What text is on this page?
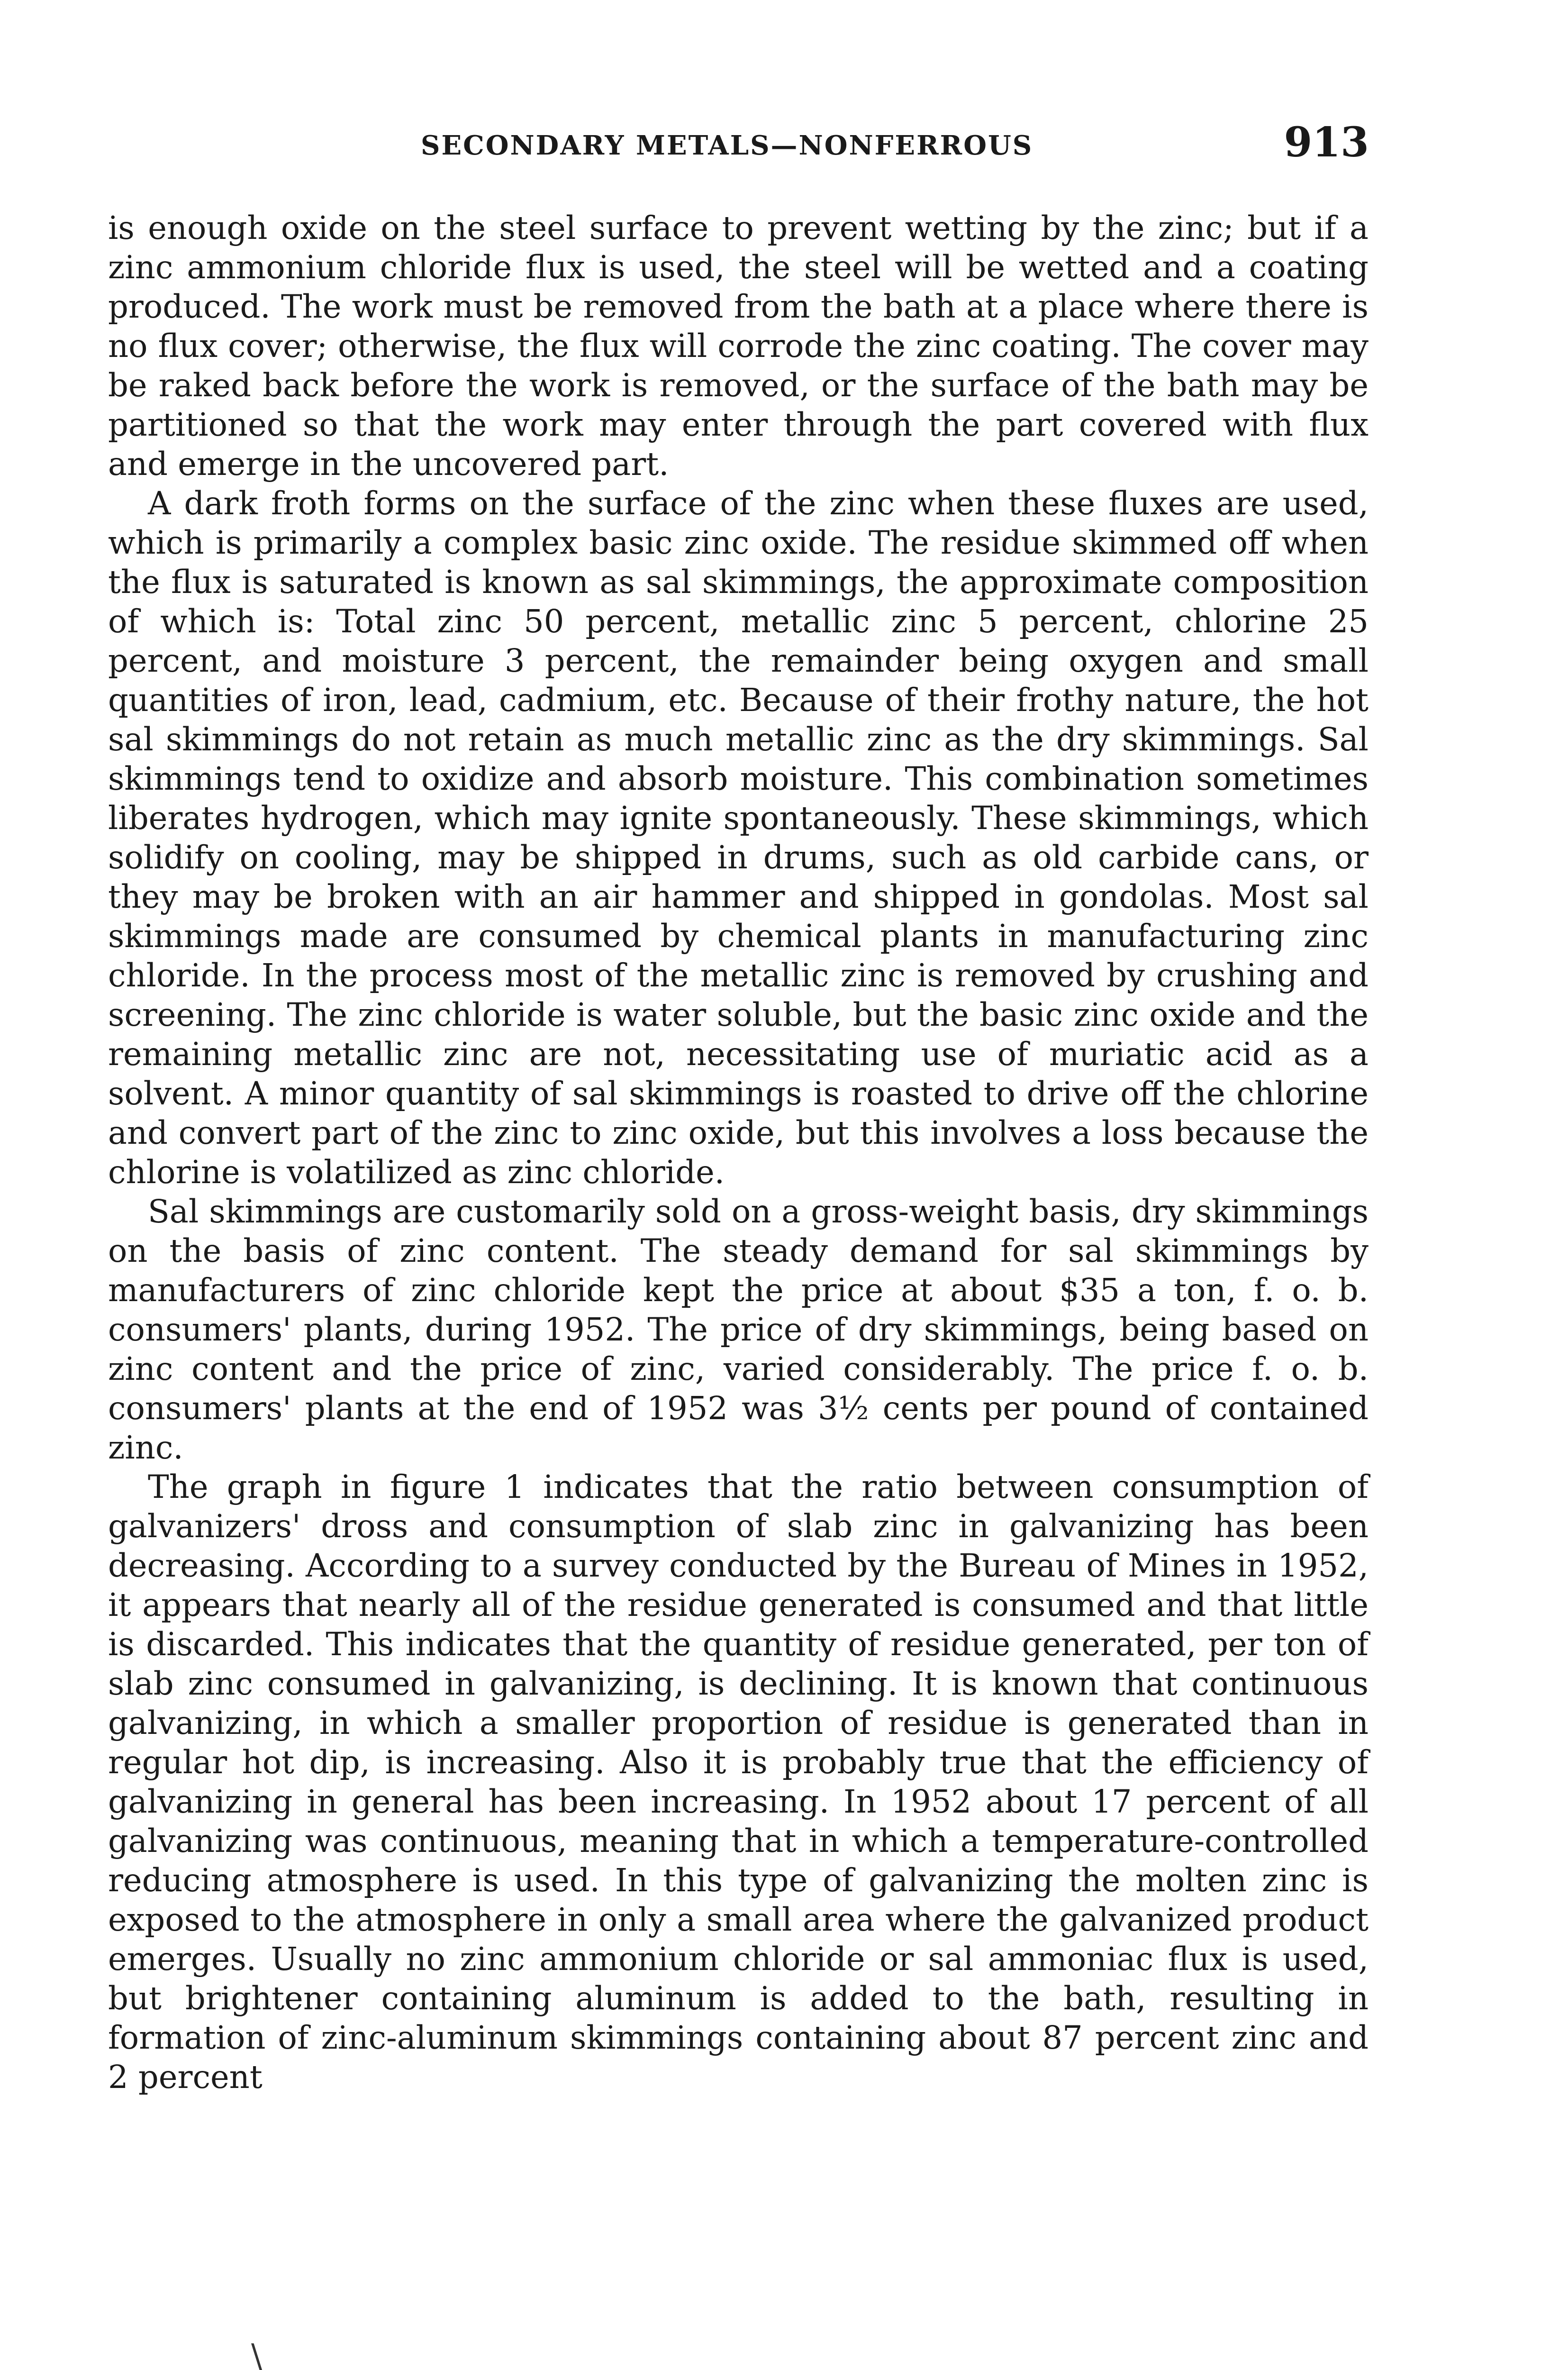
SECONDARY METALS—NONFERROUS	913

is enough oxide on the steel surface to prevent wetting by the zinc; but if a zinc ammonium chloride flux is used, the steel will be wetted and a coating produced. The work must be removed from the bath at a place where there is no flux cover; otherwise, the flux will corrode the zinc coating. The cover may be raked back before the work is removed, or the surface of the bath may be partitioned so that the work may enter through the part covered with flux and emerge in the uncovered part.

A dark froth forms on the surface of the zinc when these fluxes are used, which is primarily a complex basic zinc oxide. The residue skimmed off when the flux is saturated is known as sal skimmings, the approximate composition of which is: Total zinc 50 percent, metallic zinc 5 percent, chlorine 25 percent, and moisture 3 percent, the remainder being oxygen and small quantities of iron, lead, cadmium, etc. Because of their frothy nature, the hot sal skimmings do not retain as much metallic zinc as the dry skimmings. Sal skimmings tend to oxidize and absorb moisture. This combination sometimes liberates hydrogen, which may ignite spontaneously. These skimmings, which solidify on cooling, may be shipped in drums, such as old carbide cans, or they may be broken with an air hammer and shipped in gondolas. Most sal skimmings made are consumed by chemical plants in manufacturing zinc chloride. In the process most of the metallic zinc is removed by crushing and screening. The zinc chloride is water soluble, but the basic zinc oxide and the remaining metallic zinc are not, necessitating use of muriatic acid as a solvent. A minor quantity of sal skimmings is roasted to drive off the chlorine and convert part of the zinc to zinc oxide, but this involves a loss because the chlorine is volatilized as zinc chloride.

Sal skimmings are customarily sold on a gross-weight basis, dry skimmings on the basis of zinc content. The steady demand for sal skimmings by manufacturers of zinc chloride kept the price at about $35 a ton, f. o. b. consumers' plants, during 1952. The price of dry skimmings, being based on zinc content and the price of zinc, varied considerably. The price f. o. b. consumers' plants at the end of 1952 was 3½ cents per pound of contained zinc.

The graph in figure 1 indicates that the ratio between consumption of galvanizers' dross and consumption of slab zinc in galvanizing has been decreasing. According to a survey conducted by the Bureau of Mines in 1952, it appears that nearly all of the residue generated is consumed and that little is discarded. This indicates that the quantity of residue generated, per ton of slab zinc consumed in galvanizing, is declining. It is known that continuous galvanizing, in which a smaller proportion of residue is generated than in regular hot dip, is increasing. Also it is probably true that the efficiency of galvanizing in general has been increasing. In 1952 about 17 percent of all galvanizing was continuous, meaning that in which a temperature-controlled reducing atmosphere is used. In this type of galvanizing the molten zinc is exposed to the atmosphere in only a small area where the galvanized product emerges. Usually no zinc ammonium chloride or sal ammoniac flux is used, but brightener containing aluminum is added to the bath, resulting in formation of zinc-aluminum skimmings containing about 87 percent zinc and 2 percent

\
